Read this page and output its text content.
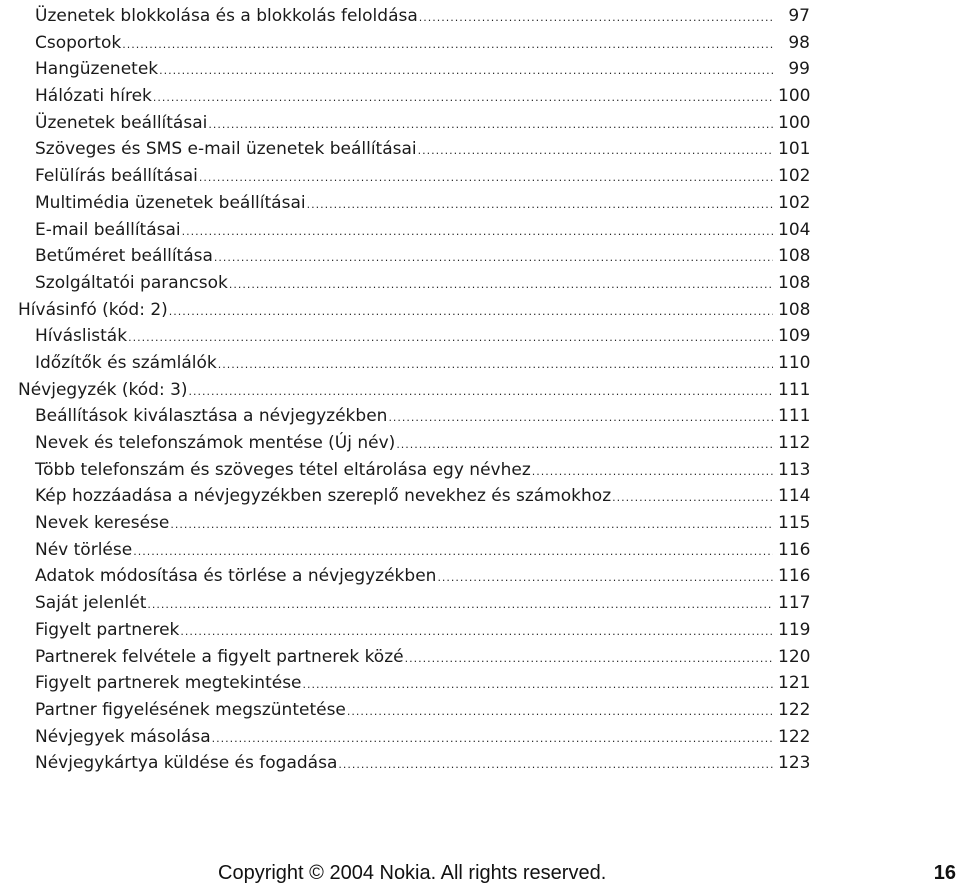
Üzenetek blokkolása és a blokkolás feloldása .....	97
Csoportok .....	98
Hangüzenetek .....	99
Hálózati hírek .....	100
Üzenetek beállításai .....	100
Szöveges és SMS e-mail üzenetek beállításai .....	101
Felülírás beállításai .....	102
Multimédia üzenetek beállításai .....	102
E-mail beállításai .....	104
Betűméret beállítása .....	108
Szolgáltatói parancsok .....	108
Hívásinfó (kód: 2) .....	108
Híváslisták .....	109
Időzítők és számlálók .....	110
Névjegyzék (kód: 3) .....	111
Beállítások kiválasztása a névjegyzékben .....	111
Nevek és telefonszámok mentése (Új név) .....	112
Több telefonszám és szöveges tétel eltárolása egy névhez .....	113
Kép hozzáadása a névjegyzékben szereplő nevekhez és számokhoz .....	114
Nevek keresése .....	115
Név törlése .....	116
Adatok módosítása és törlése a névjegyzékben .....	116
Saját jelenlét .....	117
Figyelt partnerek .....	119
Partnerek felvétele a figyelt partnerek közé .....	120
Figyelt partnerek megtekintése .....	121
Partner figyelésének megszüntetése .....	122
Névjegyek másolása .....	122
Névjegykártya küldése és fogadása .....	123
Copyright © 2004 Nokia. All rights reserved.	16
